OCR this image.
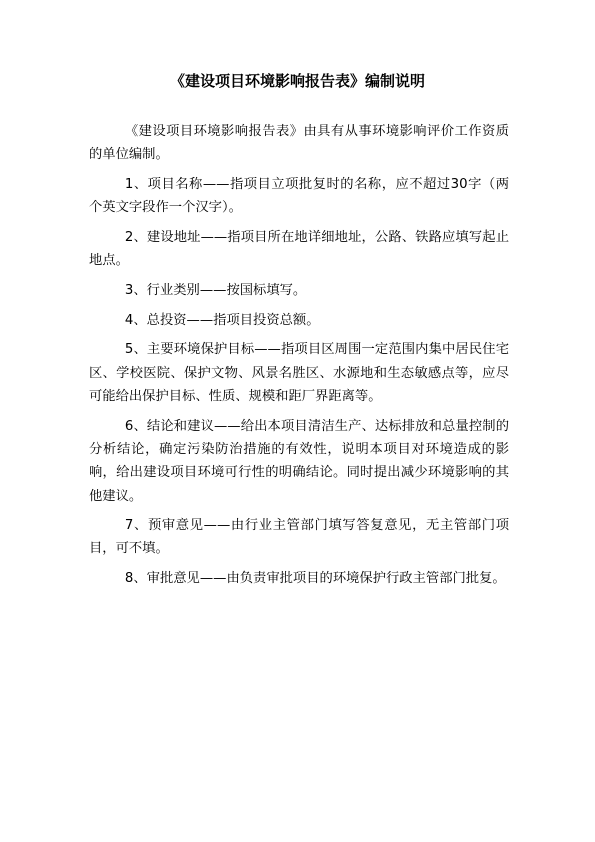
《建设项目环境影响报告表》编制说明

《建设项目环境影响报告表》由具有从事环境影响评价工作资质的单位编制。

1、项目名称——指项目立项批复时的名称，应不超过30字（两个英文字段作一个汉字）。

2、建设地址——指项目所在地详细地址，公路、铁路应填写起止地点。

3、行业类别——按国标填写。

4、总投资——指项目投资总额。

5、主要环境保护目标——指项目区周围一定范围内集中居民住宅区、学校医院、保护文物、风景名胜区、水源地和生态敏感点等，应尽可能给出保护目标、性质、规模和距厂界距离等。

6、结论和建议——给出本项目清洁生产、达标排放和总量控制的分析结论，确定污染防治措施的有效性，说明本项目对环境造成的影响，给出建设项目环境可行性的明确结论。同时提出减少环境影响的其他建议。

7、预审意见——由行业主管部门填写答复意见，无主管部门项目，可不填。

8、审批意见——由负责审批项目的环境保护行政主管部门批复。
